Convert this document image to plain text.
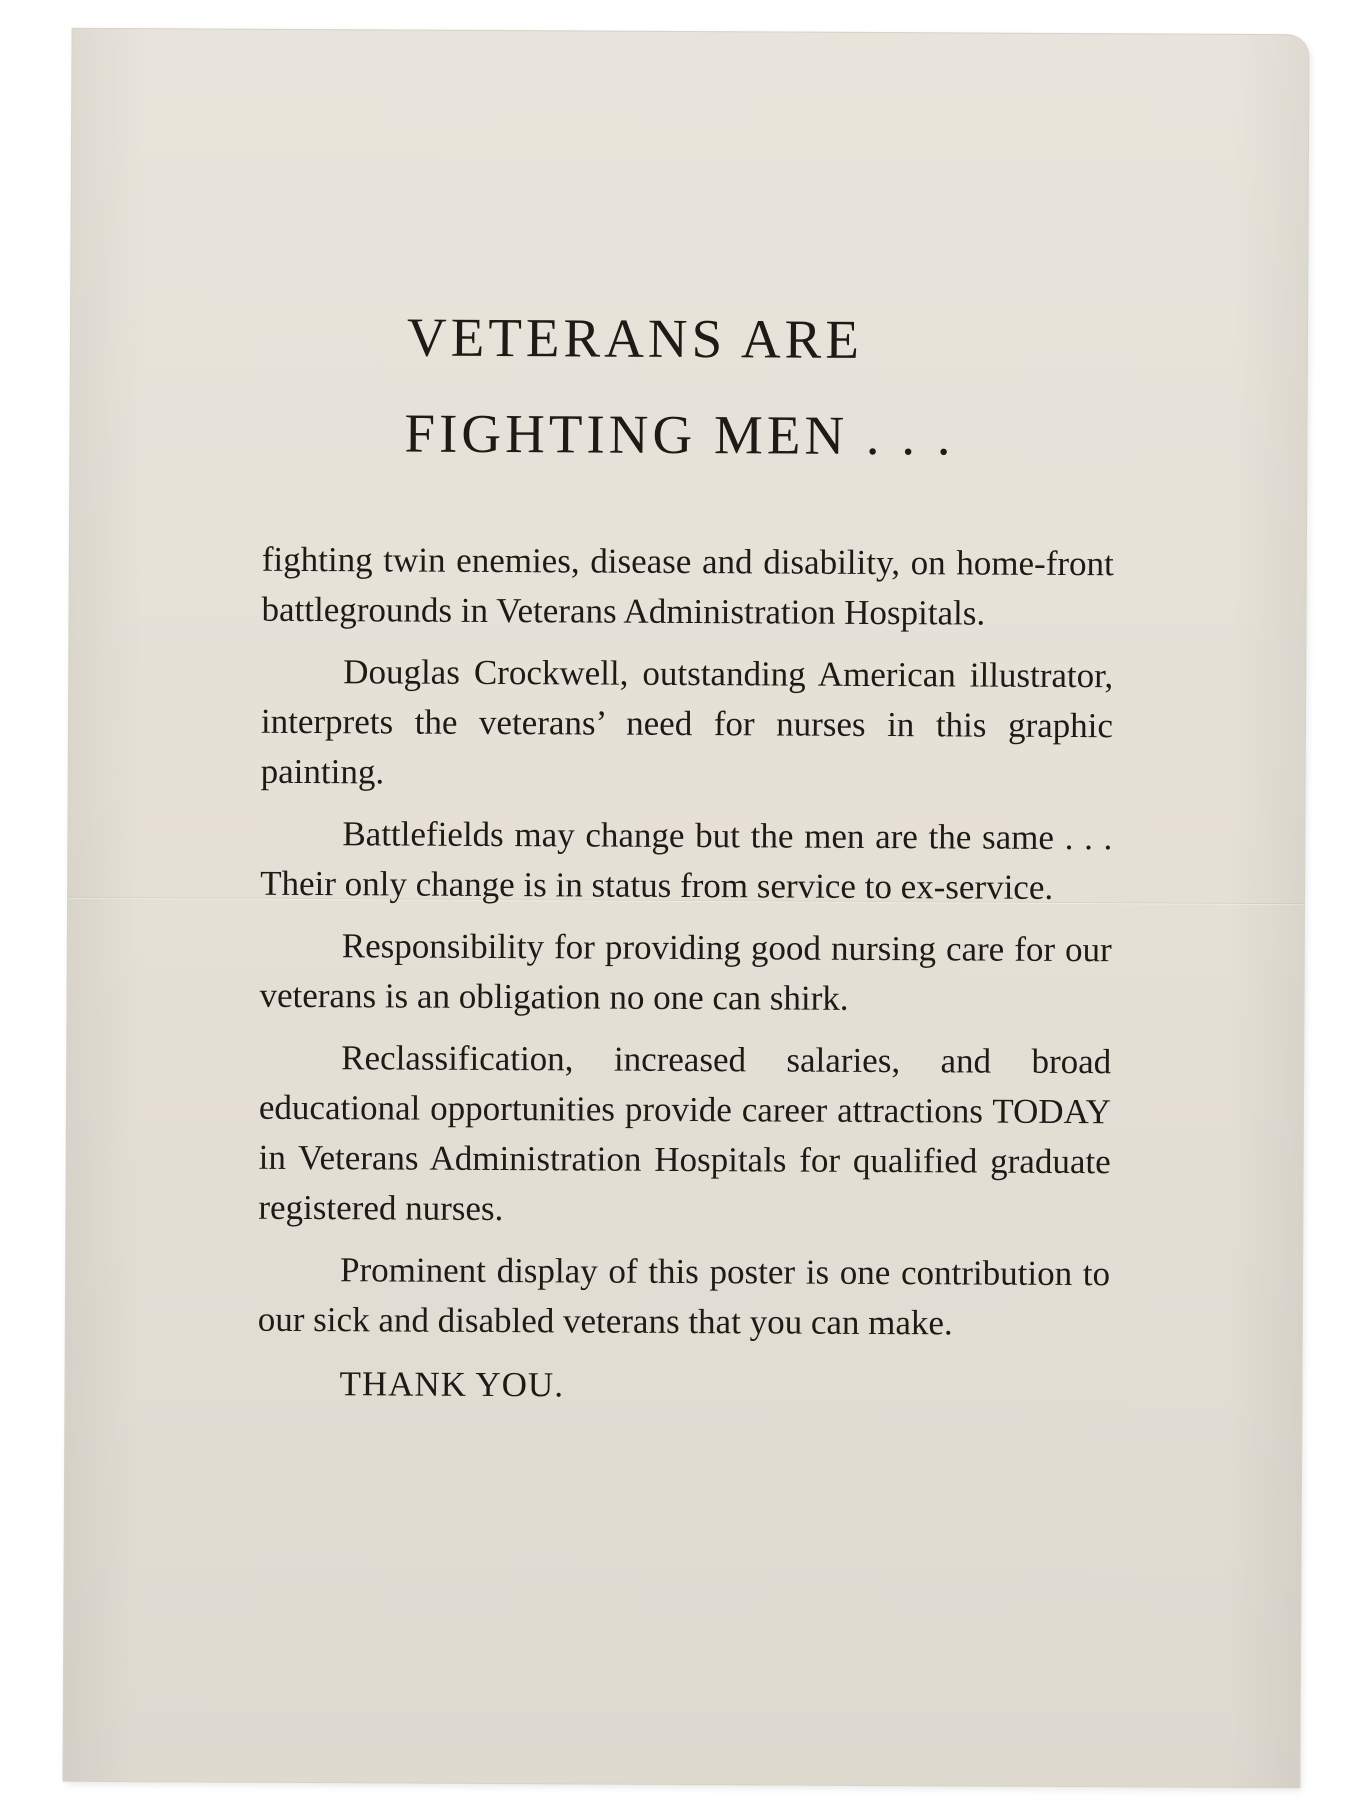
VETERANS ARE
FIGHTING MEN . . .

fighting twin enemies, disease and disability, on home-front battlegrounds in Veterans Administration Hospitals.

Douglas Crockwell, outstanding American illustrator, interprets the veterans’ need for nurses in this graphic painting.

Battlefields may change but the men are the same . . . Their only change is in status from service to ex-service.

Responsibility for providing good nursing care for our veterans is an obligation no one can shirk.

Reclassification, increased salaries, and broad educational opportunities provide career attractions TODAY in Veterans Administration Hospitals for qualified graduate registered nurses.

Prominent display of this poster is one contribution to our sick and disabled veterans that you can make.

THANK YOU.
